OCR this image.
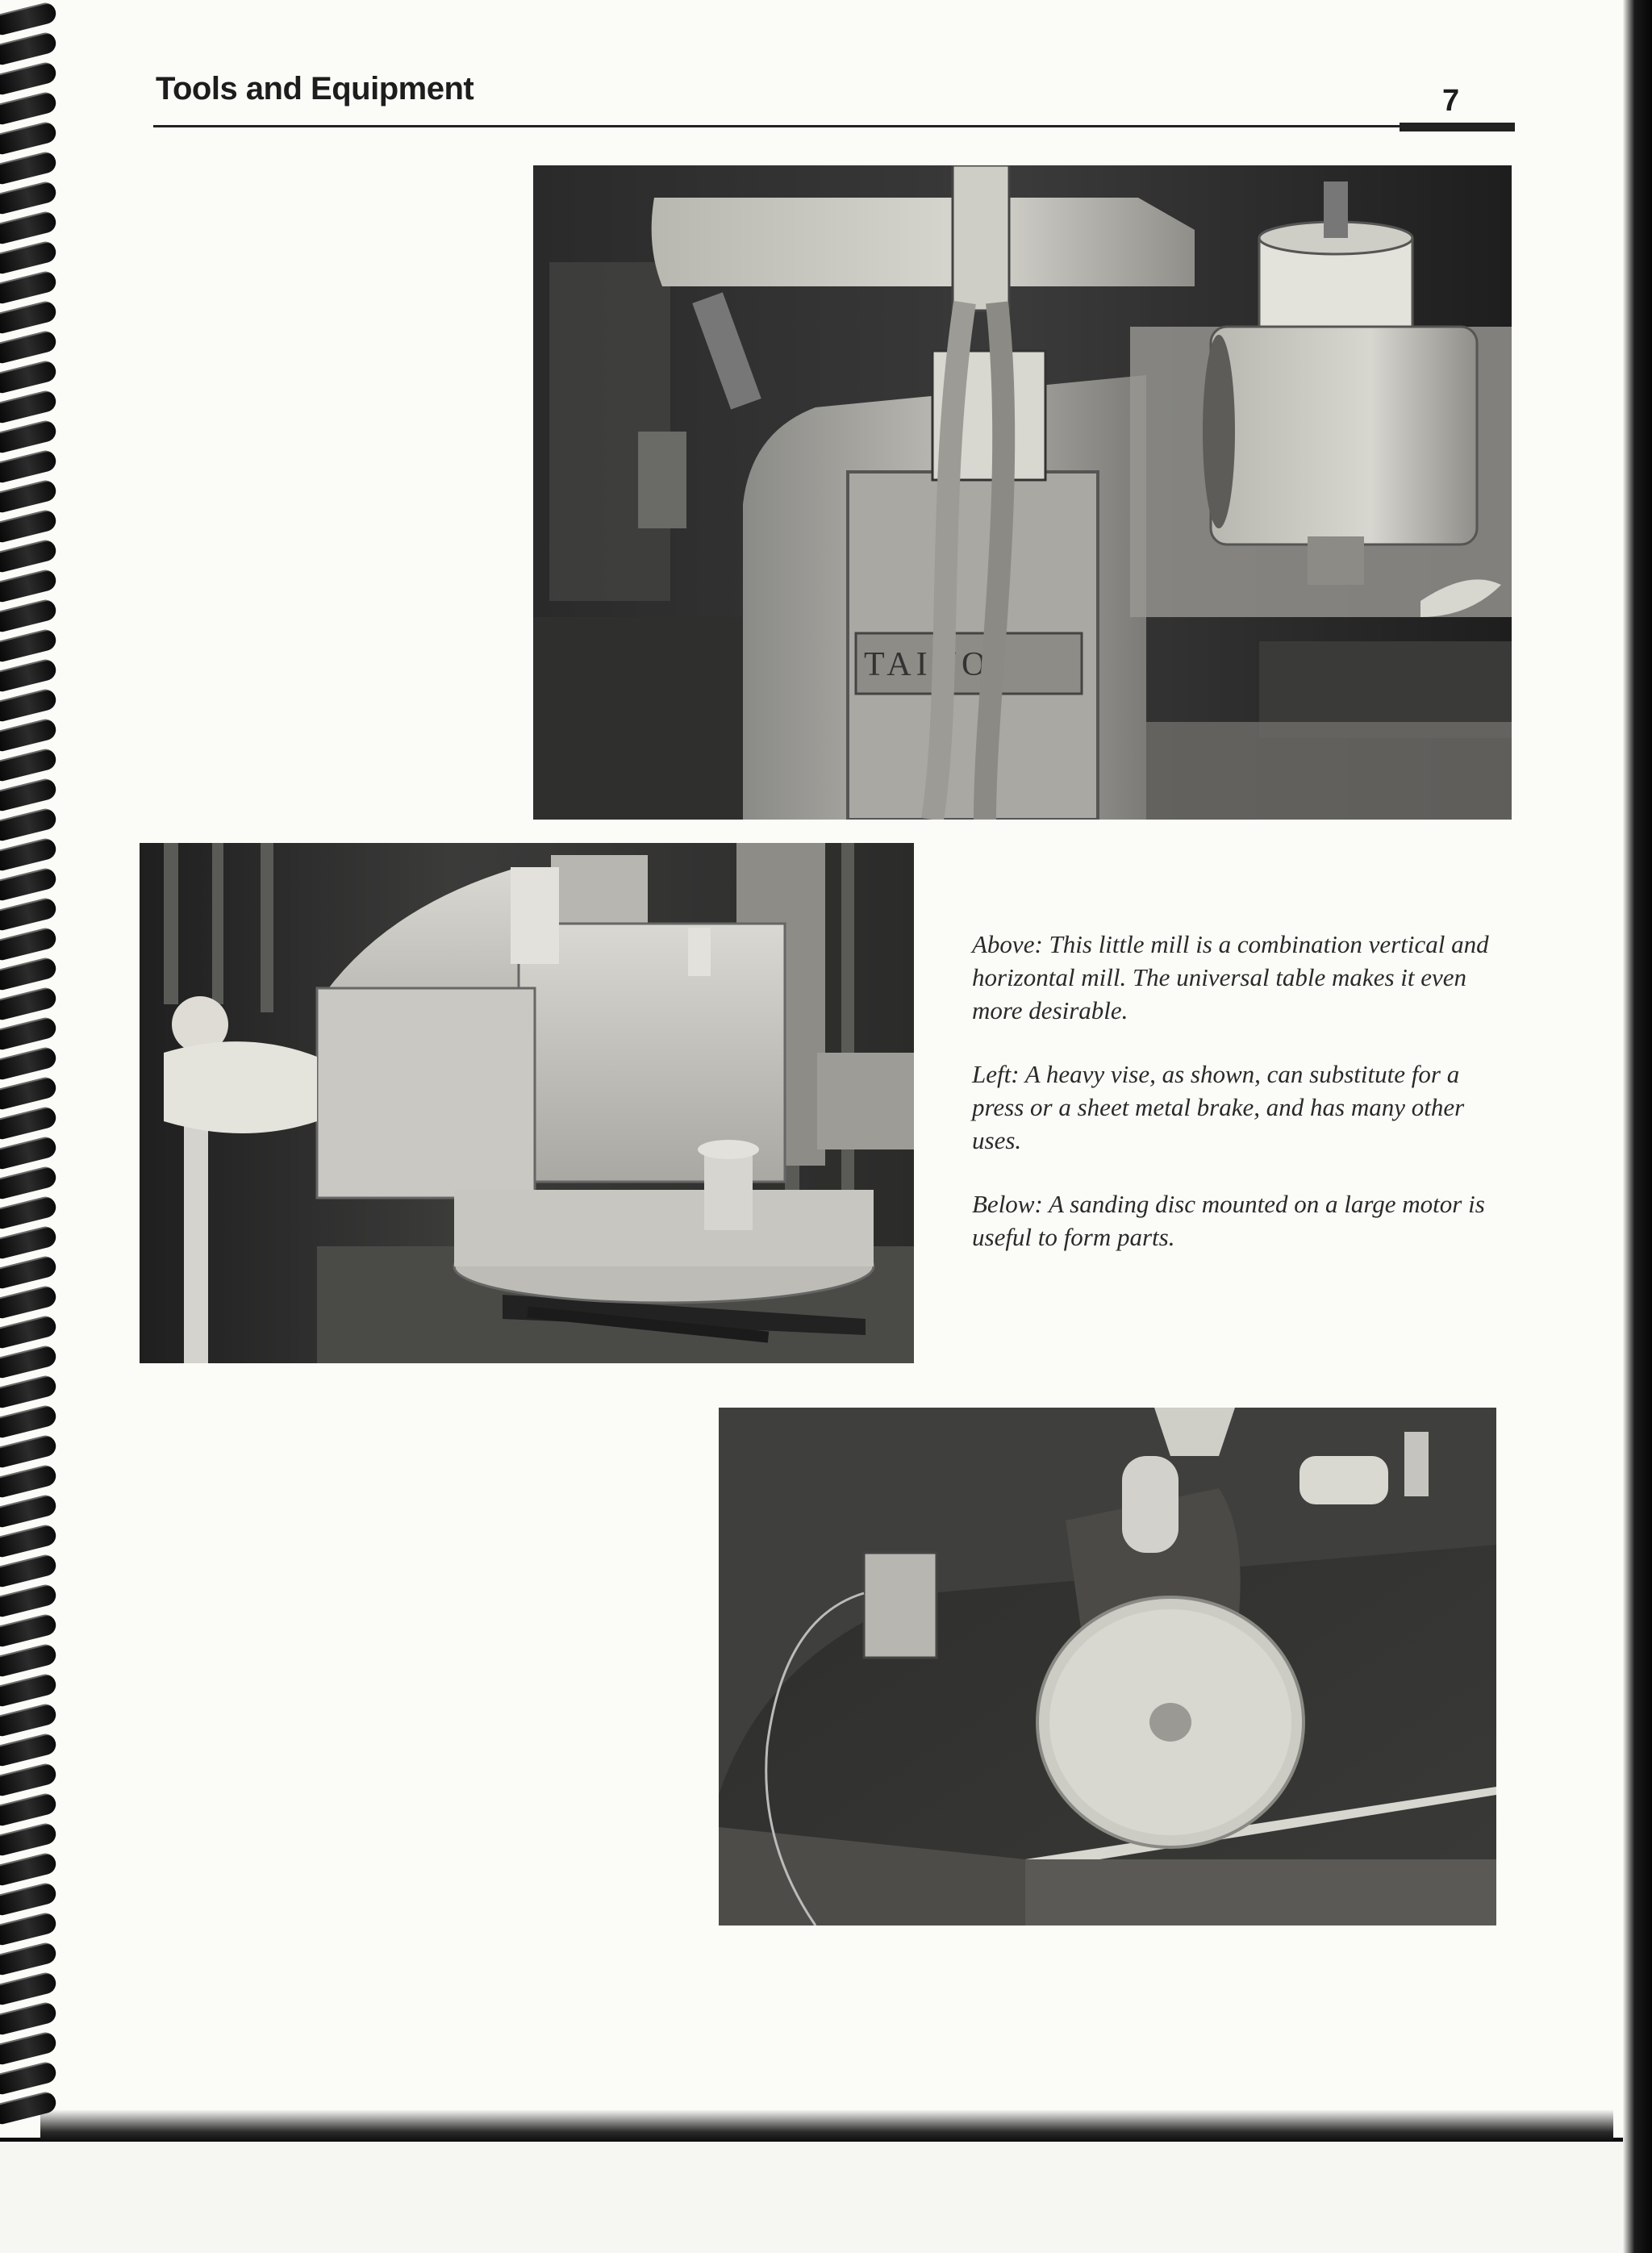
Tools and Equipment	7

TAIYO

Above: This little mill is a combination vertical and horizontal mill. The universal table makes it even more desirable.

Left: A heavy vise, as shown, can substitute for a press or a sheet metal brake, and has many other uses.

Below: A sanding disc mounted on a large motor is useful to form parts.
